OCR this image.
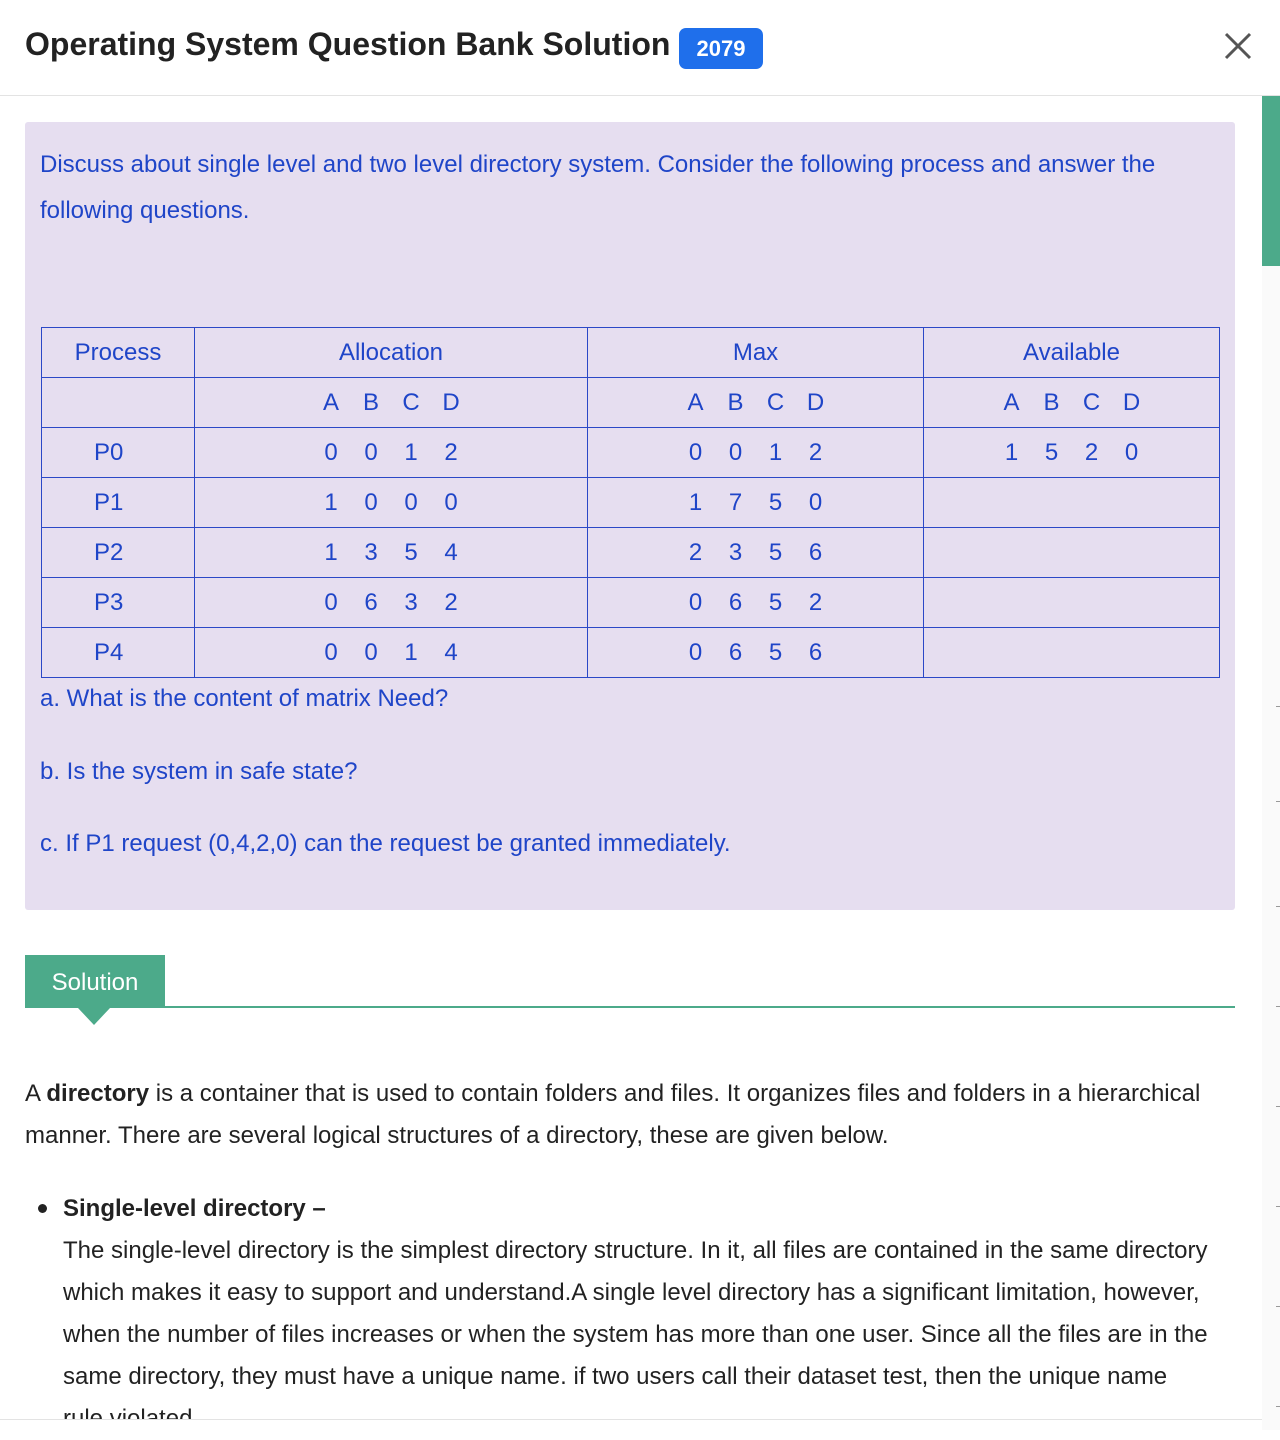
Operating System Question Bank Solution	2079
Discuss about single level and two level directory system. Consider the following process and answer the following questions.
Process	Allocation	Max	Available

	A B C D	A B C D	A B C D

P0	0 0 1 2	0 0 1 2	1 5 2 0

P1	1 0 0 0	1 7 5 0	

P2	1 3 5 4	2 3 5 6	

P3	0 6 3 2	0 6 5 2	

P4	0 0 1 4	0 6 5 6	

a. What is the content of matrix Need?
b. Is the system in safe state?
c. If P1 request (0,4,2,0) can the request be granted immediately.
Solution
A directory is a container that is used to contain folders and files. It organizes files and folders in a hierarchical manner. There are several logical structures of a directory, these are given below.
Single-level directory –
The single-level directory is the simplest directory structure. In it, all files are contained in the same directory which makes it easy to support and understand.A single level directory has a significant limitation, however, when the number of files increases or when the system has more than one user. Since all the files are in the same directory, they must have a unique name. if two users call their dataset test, then the unique name
